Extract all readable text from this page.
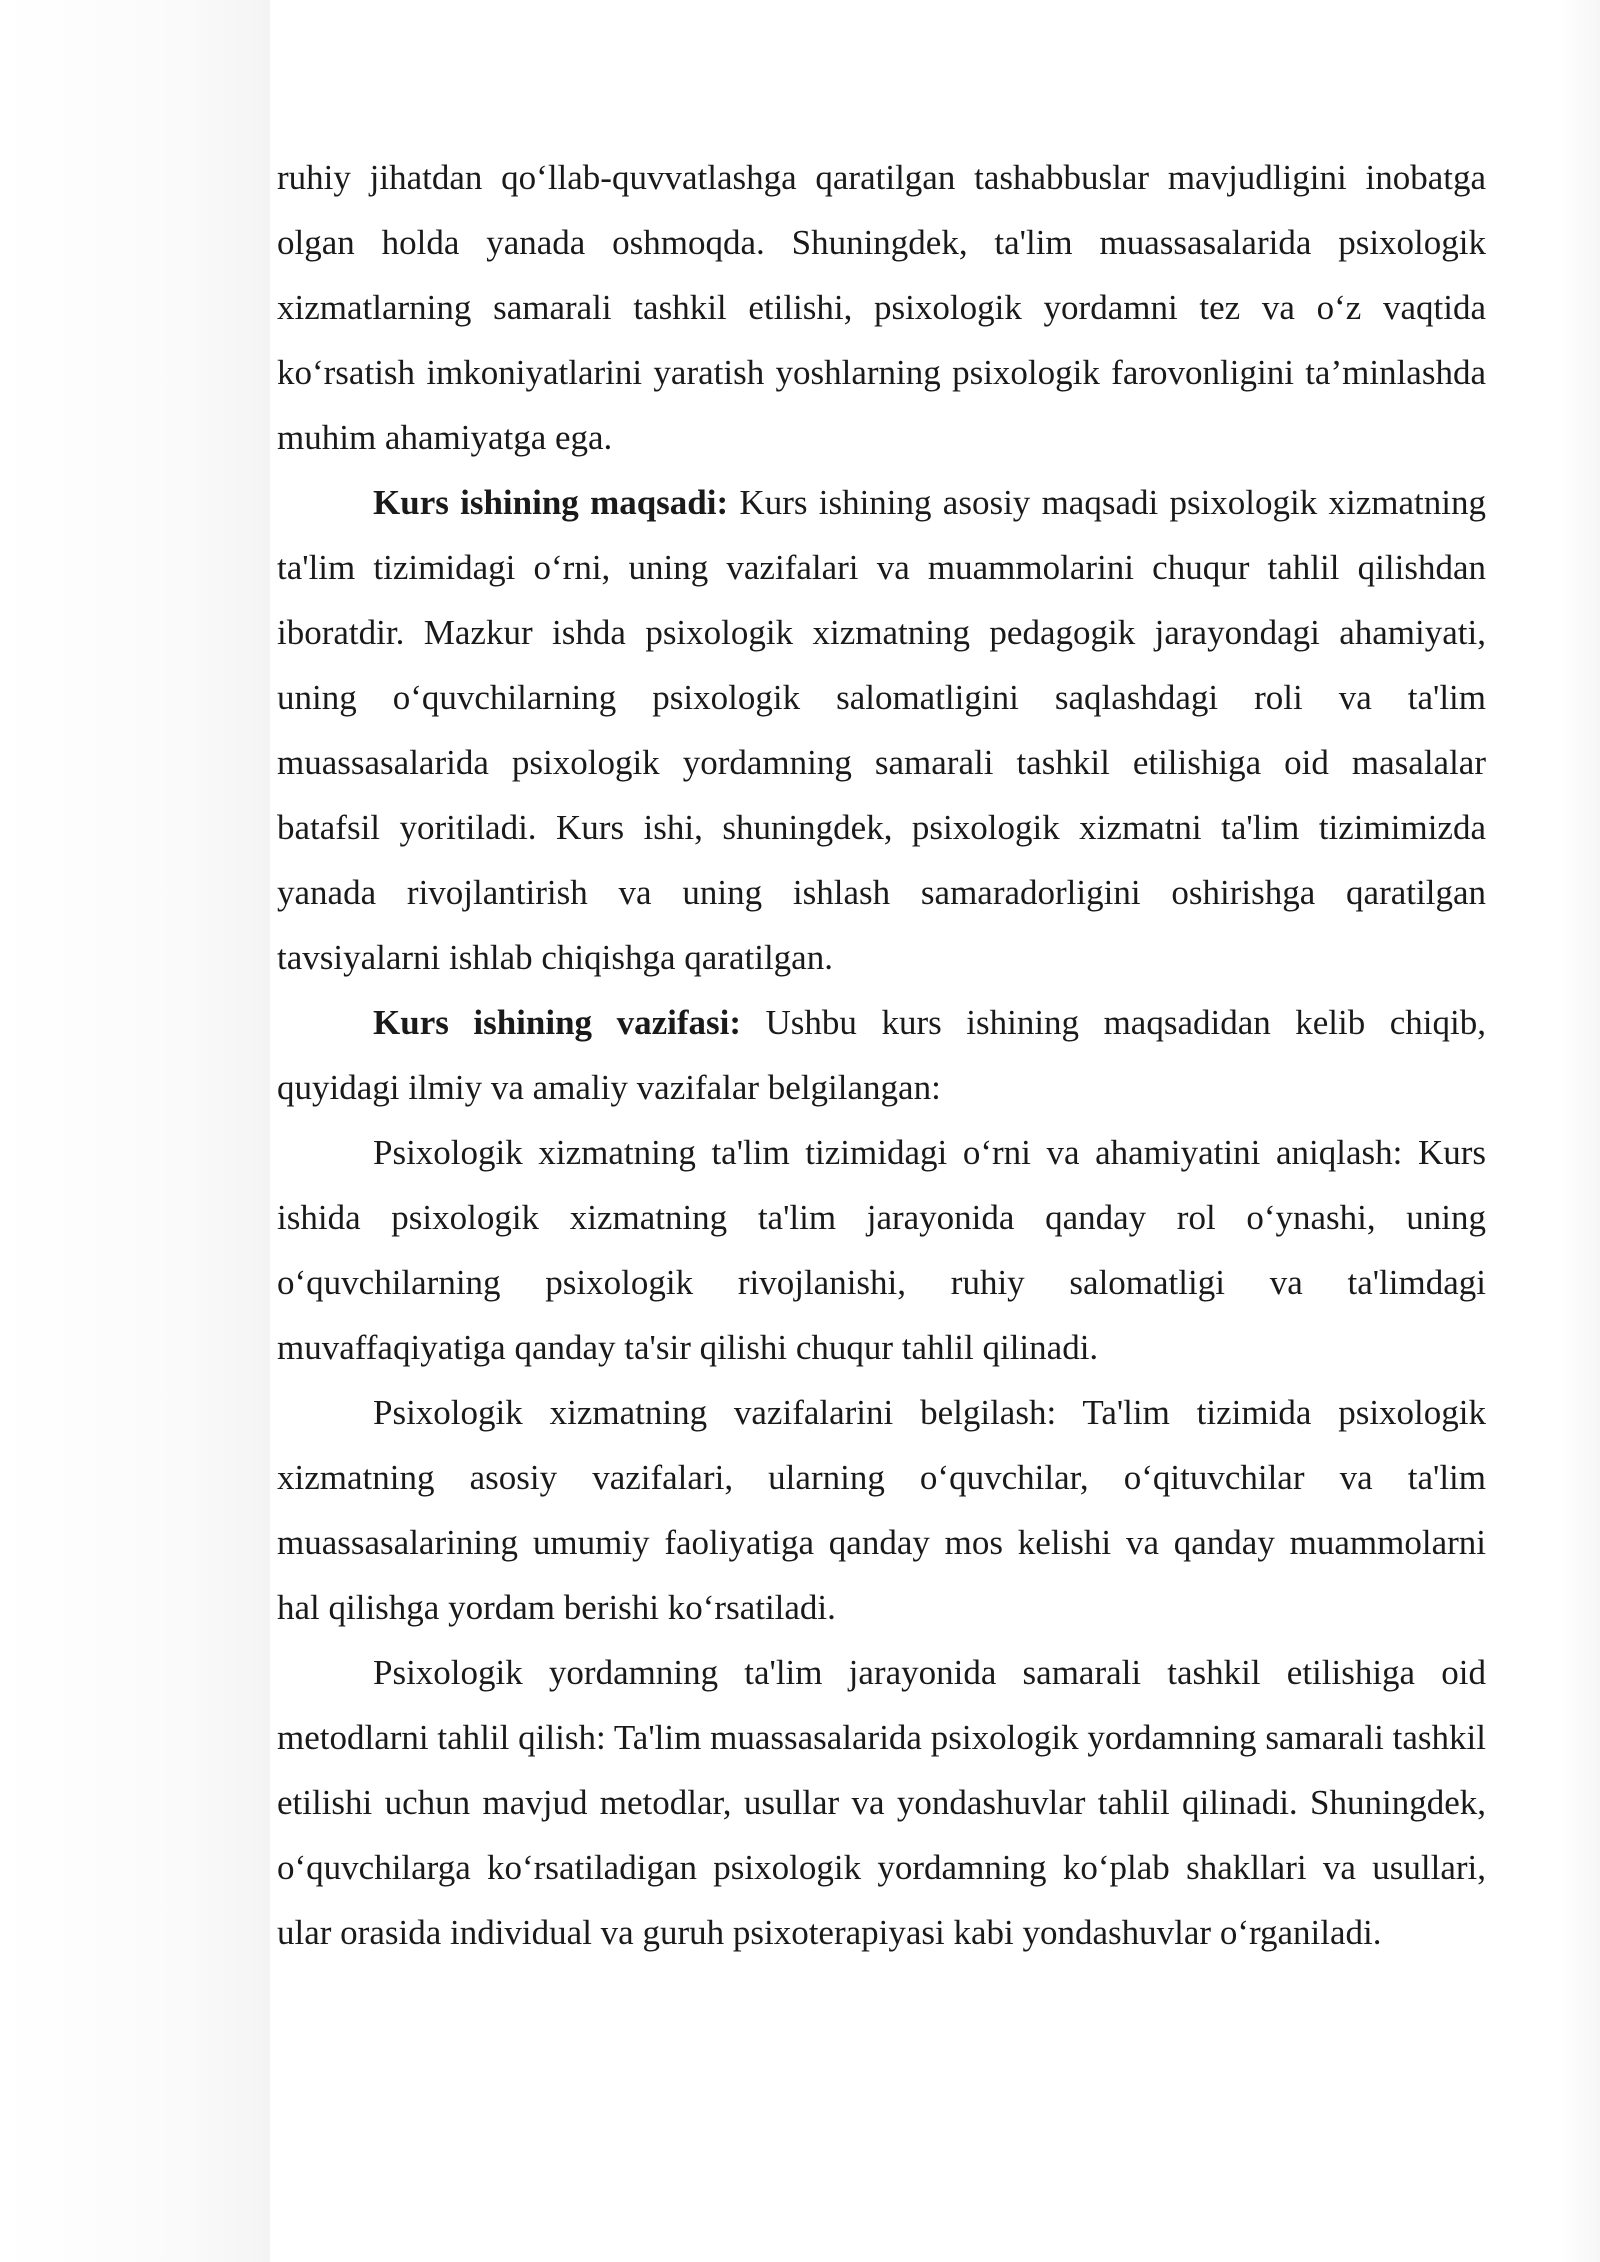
ruhiy jihatdan qo‘llab-quvvatlashga qaratilgan tashabbuslar mavjudligini inobatga olgan holda yanada oshmoqda. Shuningdek, ta'lim muassasalarida psixologik xizmatlarning samarali tashkil etilishi, psixologik yordamni tez va o‘z vaqtida ko‘rsatish imkoniyatlarini yaratish yoshlarning psixologik farovonligini ta’minlashda muhim ahamiyatga ega.

Kurs ishining maqsadi: Kurs ishining asosiy maqsadi psixologik xizmatning ta'lim tizimidagi o‘rni, uning vazifalari va muammolarini chuqur tahlil qilishdan iboratdir. Mazkur ishda psixologik xizmatning pedagogik jarayondagi ahamiyati, uning o‘quvchilarning psixologik salomatligini saqlashdagi roli va ta'lim muassasalarida psixologik yordamning samarali tashkil etilishiga oid masalalar batafsil yoritiladi. Kurs ishi, shuningdek, psixologik xizmatni ta'lim tizimimizda yanada rivojlantirish va uning ishlash samaradorligini oshirishga qaratilgan tavsiyalarni ishlab chiqishga qaratilgan.

Kurs ishining vazifasi: Ushbu kurs ishining maqsadidan kelib chiqib, quyidagi ilmiy va amaliy vazifalar belgilangan:

Psixologik xizmatning ta'lim tizimidagi o‘rni va ahamiyatini aniqlash: Kurs ishida psixologik xizmatning ta'lim jarayonida qanday rol o‘ynashi, uning o‘quvchilarning psixologik rivojlanishi, ruhiy salomatligi va ta'limdagi muvaffaqiyatiga qanday ta'sir qilishi chuqur tahlil qilinadi.

Psixologik xizmatning vazifalarini belgilash: Ta'lim tizimida psixologik xizmatning asosiy vazifalari, ularning o‘quvchilar, o‘qituvchilar va ta'lim muassasalarining umumiy faoliyatiga qanday mos kelishi va qanday muammolarni hal qilishga yordam berishi ko‘rsatiladi.

Psixologik yordamning ta'lim jarayonida samarali tashkil etilishiga oid metodlarni tahlil qilish: Ta'lim muassasalarida psixologik yordamning samarali tashkil etilishi uchun mavjud metodlar, usullar va yondashuvlar tahlil qilinadi. Shuningdek, o‘quvchilarga ko‘rsatiladigan psixologik yordamning ko‘plab shakllari va usullari, ular orasida individual va guruh psixoterapiyasi kabi yondashuvlar o‘rganiladi.
